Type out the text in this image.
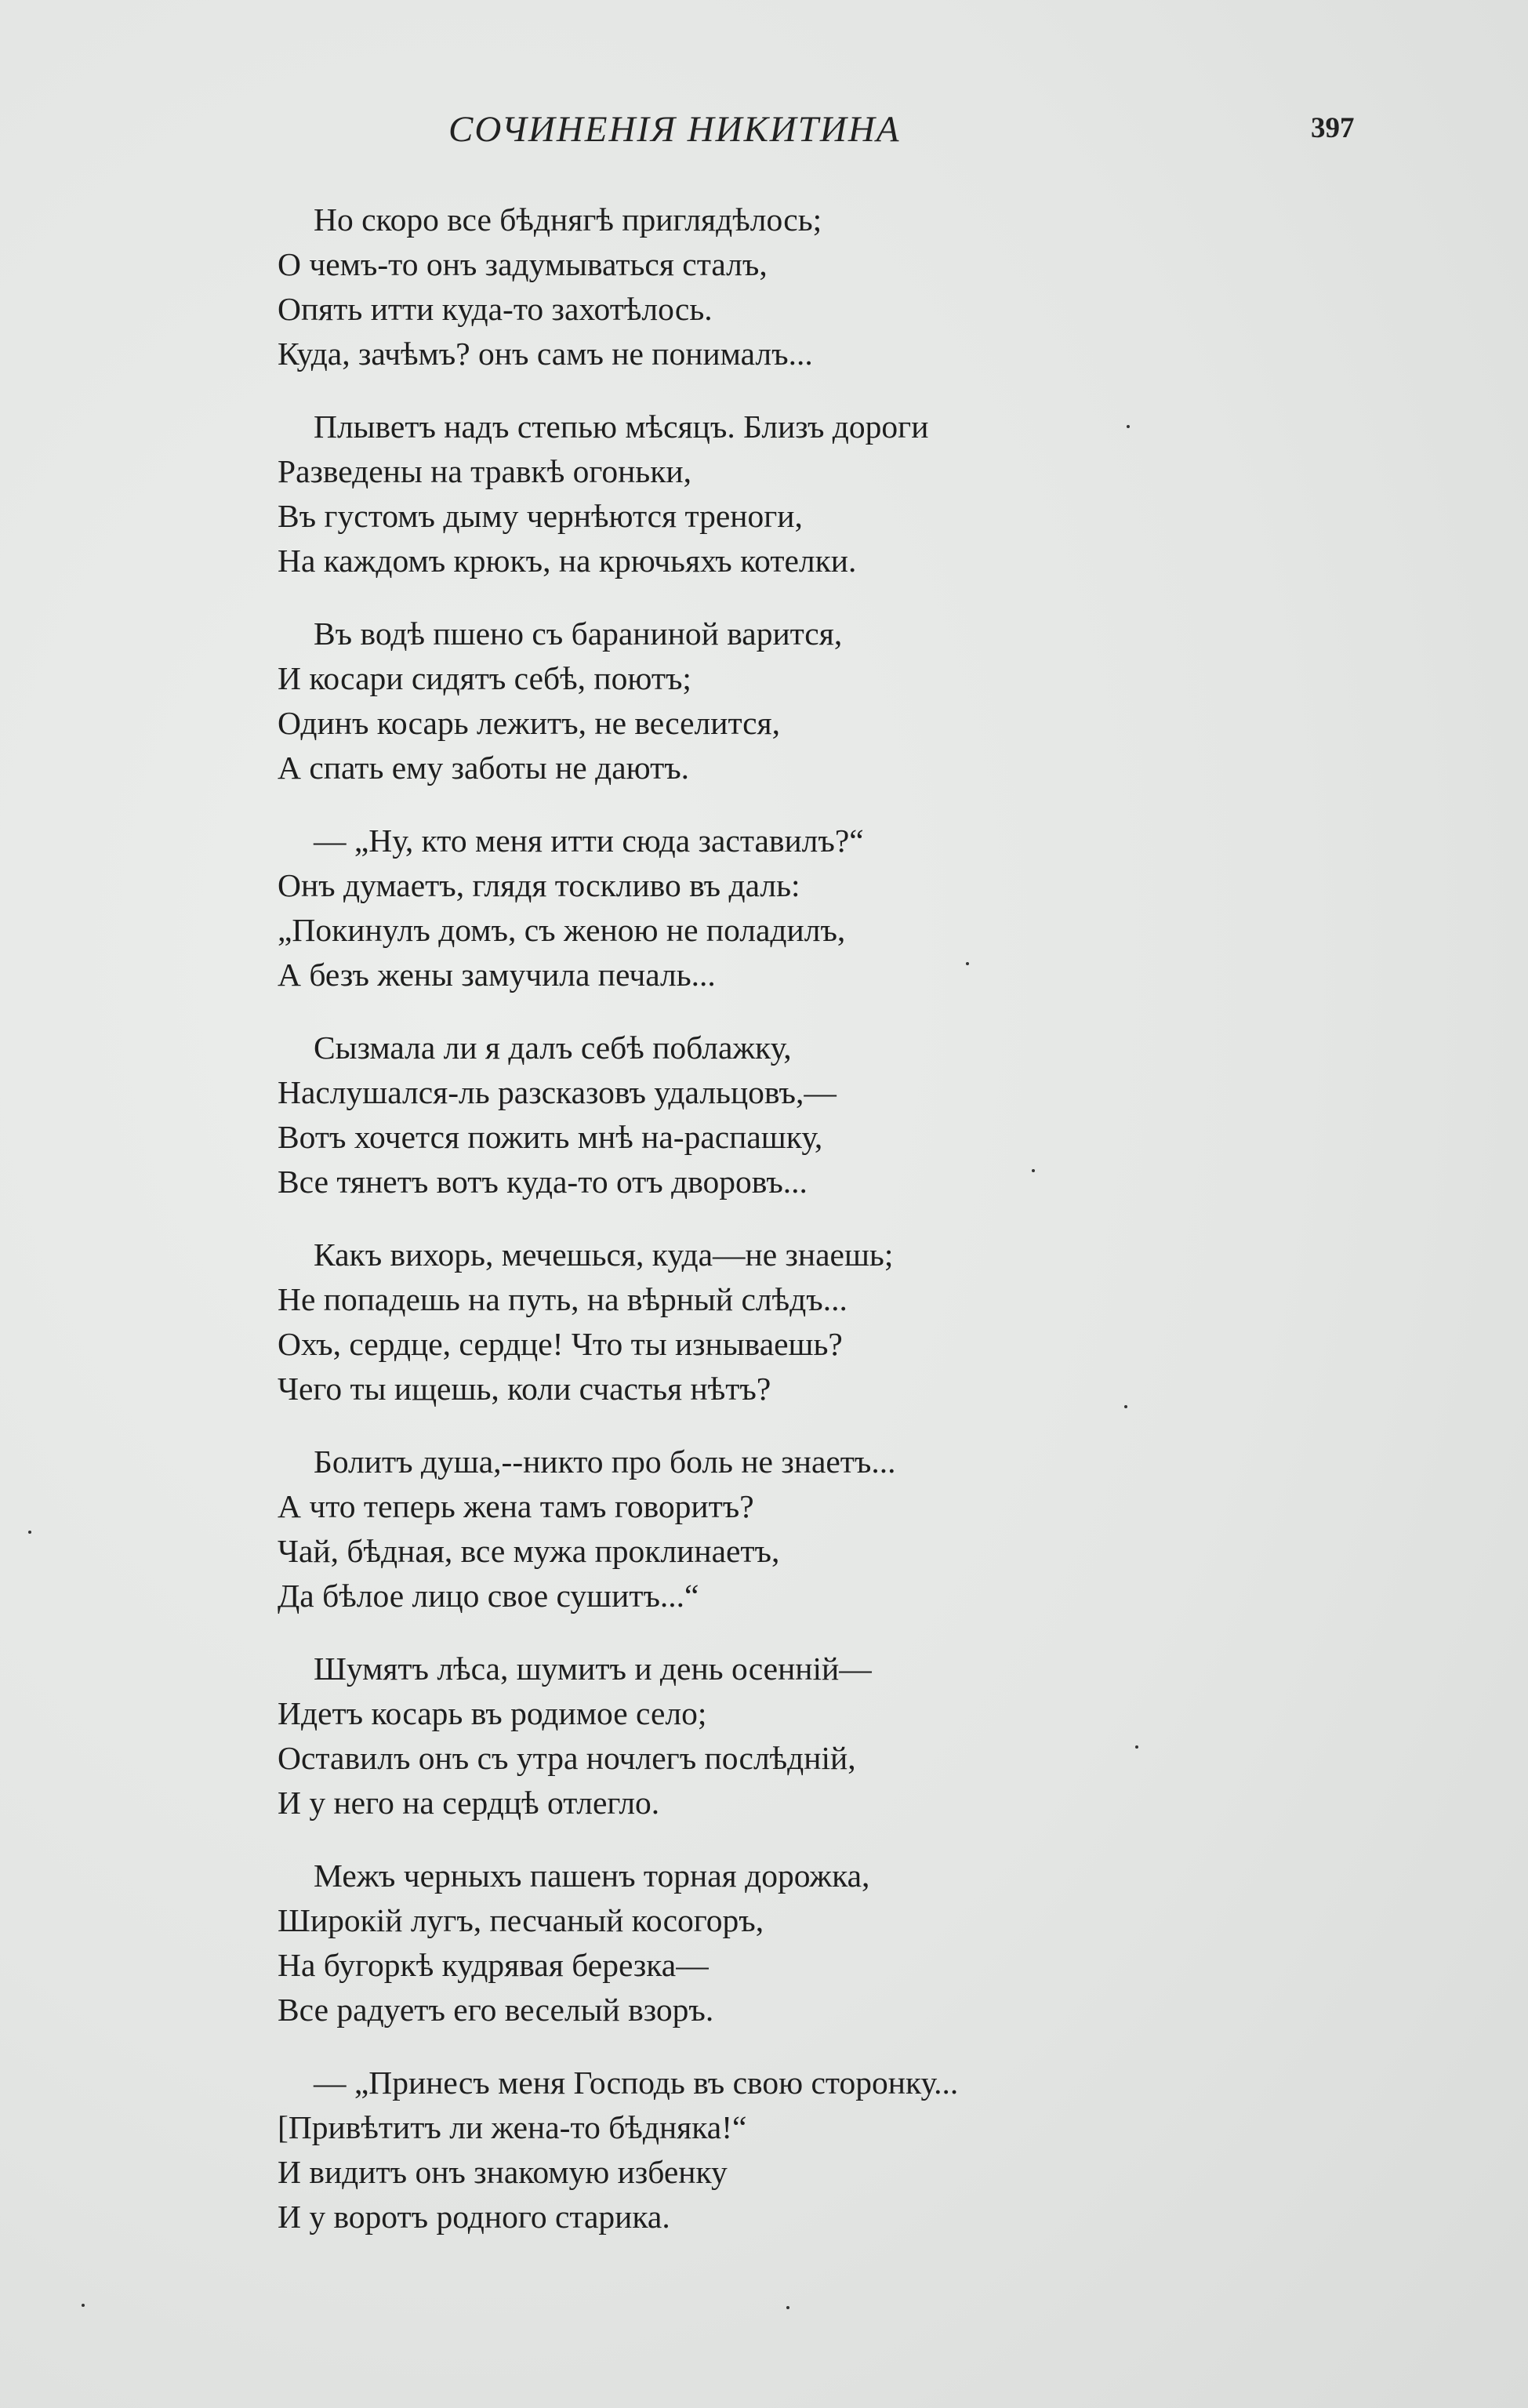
СОЧИНЕНІЯ НИКИТИНА	397
Но скоро все бѣднягѣ приглядѣлось;
О чемъ-то онъ задумываться сталъ,
Опять итти куда-то захотѣлось.
Куда, зачѣмъ? онъ самъ не понималъ...
Плыветъ надъ степью мѣсяцъ. Близъ дороги
Разведены на травкѣ огоньки,
Въ густомъ дыму чернѣются треноги,
На каждомъ крюкъ, на крючьяхъ котелки.
Въ водѣ пшено съ бараниной варится,
И косари сидятъ себѣ, поютъ;
Одинъ косарь лежитъ, не веселится,
А спать ему заботы не даютъ.
— „Ну, кто меня итти сюда заставилъ?“
Онъ думаетъ, глядя тоскливо въ даль:
„Покинулъ домъ, съ женою не поладилъ,
А безъ жены замучила печаль...
Сызмала ли я далъ себѣ поблажку,
Наслушался-ль разсказовъ удальцовъ,—
Вотъ хочется пожить мнѣ на-распашку,
Все тянетъ вотъ куда-то отъ дворовъ...
Какъ вихорь, мечешься, куда—не знаешь;
Не попадешь на путь, на вѣрный слѣдъ...
Охъ, сердце, сердце! Что ты изнываешь?
Чего ты ищешь, коли счастья нѣтъ?
Болитъ душа,--никто про боль не знаетъ...
А что теперь жена тамъ говоритъ?
Чай, бѣдная, все мужа проклинаетъ,
Да бѣлое лицо свое сушитъ...“
Шумятъ лѣса, шумитъ и день осенній—
Идетъ косарь въ родимое село;
Оставилъ онъ съ утра ночлегъ послѣдній,
И у него на сердцѣ отлегло.
Межъ черныхъ пашенъ торная дорожка,
Широкій лугъ, песчаный косогоръ,
На бугоркѣ кудрявая березка—
Все радуетъ его веселый взоръ.
— „Принесъ меня Господь въ свою сторонку...
[Привѣтитъ ли жена-то бѣдняка!“
И видитъ онъ знакомую избенку
И у воротъ родного старика.
